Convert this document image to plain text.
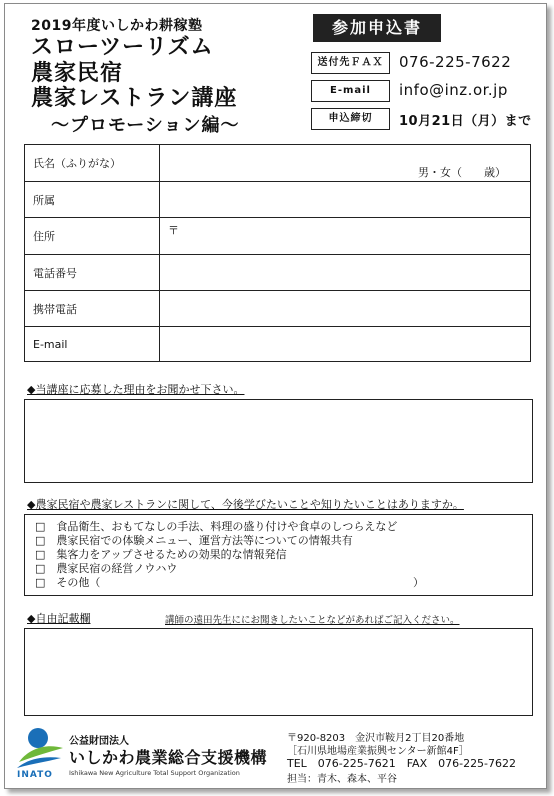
2019年度いしかわ耕稼塾
スローツーリズム
農家民宿
農家レストラン講座
～プロモーション編～
参加申込書
送付先ＦＡＸ	076-225-7622
E-mail	info@inz.or.jp
申込締切	10月21日（月）まで
氏名（ふりがな）	男・女（　　歳）

所属	
住所	〒
電話番号	
携帯電話	
E-mail	
◆当講座に応募した理由をお聞かせ下さい。
◆農家民宿や農家レストランに関して、今後学びたいことや知りたいことはありますか。
□　食品衛生、おもてなしの手法、料理の盛り付けや食卓のしつらえなど
□　農家民宿での体験メニュー、運営方法等についての情報共有
□　集客力をアップさせるための効果的な情報発信
□　農家民宿の経営ノウハウ
□　その他（	）
◆自由記載欄	講師の遠田先生ににお聞きしたいことなどがあればご記入ください。
INATO
公益財団法人
いしかわ農業総合支援機構
Ishikawa New Agriculture Total Support Organization
〒920-8203　金沢市鞍月2丁目20番地
［石川県地場産業振興センター新館4F］
TEL　076-225-7621　FAX　076-225-7622
担当：青木、森本、平谷
